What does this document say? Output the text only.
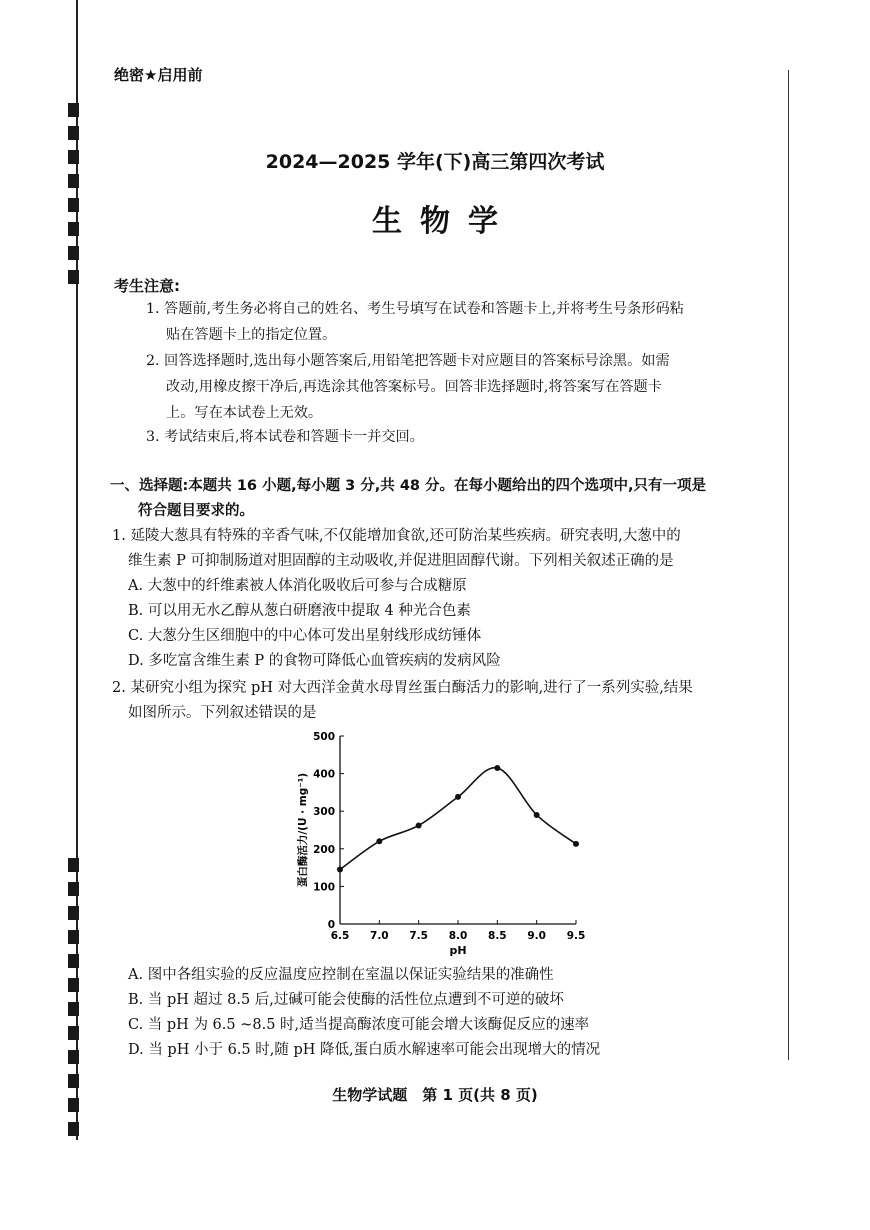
绝密★启用前
2024—2025 学年(下)高三第四次考试
生物学
考生注意:
1. 答题前,考生务必将自己的姓名、考生号填写在试卷和答题卡上,并将考生号条形码粘
贴在答题卡上的指定位置。
2. 回答选择题时,选出每小题答案后,用铅笔把答题卡对应题目的答案标号涂黑。如需
改动,用橡皮擦干净后,再选涂其他答案标号。回答非选择题时,将答案写在答题卡
上。写在本试卷上无效。
3. 考试结束后,将本试卷和答题卡一并交回。
一、选择题:本题共 16 小题,每小题 3 分,共 48 分。在每小题给出的四个选项中,只有一项是
符合题目要求的。
1. 延陵大葱具有特殊的辛香气味,不仅能增加食欲,还可防治某些疾病。研究表明,大葱中的
维生素 P 可抑制肠道对胆固醇的主动吸收,并促进胆固醇代谢。下列相关叙述正确的是
A. 大葱中的纤维素被人体消化吸收后可参与合成糖原
B. 可以用无水乙醇从葱白研磨液中提取 4 种光合色素
C. 大葱分生区细胞中的中心体可发出星射线形成纺锤体
D. 多吃富含维生素 P 的食物可降低心血管疾病的发病风险
2. 某研究小组为探究 pH 对大西洋金黄水母胃丝蛋白酶活力的影响,进行了一系列实验,结果
如图所示。下列叙述错误的是
6.5 7.0 7.5 8.0 8.5 9.0 9.5
0
100
200
300
400
500
pH
蛋白酶活力/(U · mg⁻¹)
A. 图中各组实验的反应温度应控制在室温以保证实验结果的准确性
B. 当 pH 超过 8.5 后,过碱可能会使酶的活性位点遭到不可逆的破坏
C. 当 pH 为 6.5 ~8.5 时,适当提高酶浓度可能会增大该酶促反应的速率
D. 当 pH 小于 6.5 时,随 pH 降低,蛋白质水解速率可能会出现增大的情况
生物学试题　第 1 页(共 8 页)
